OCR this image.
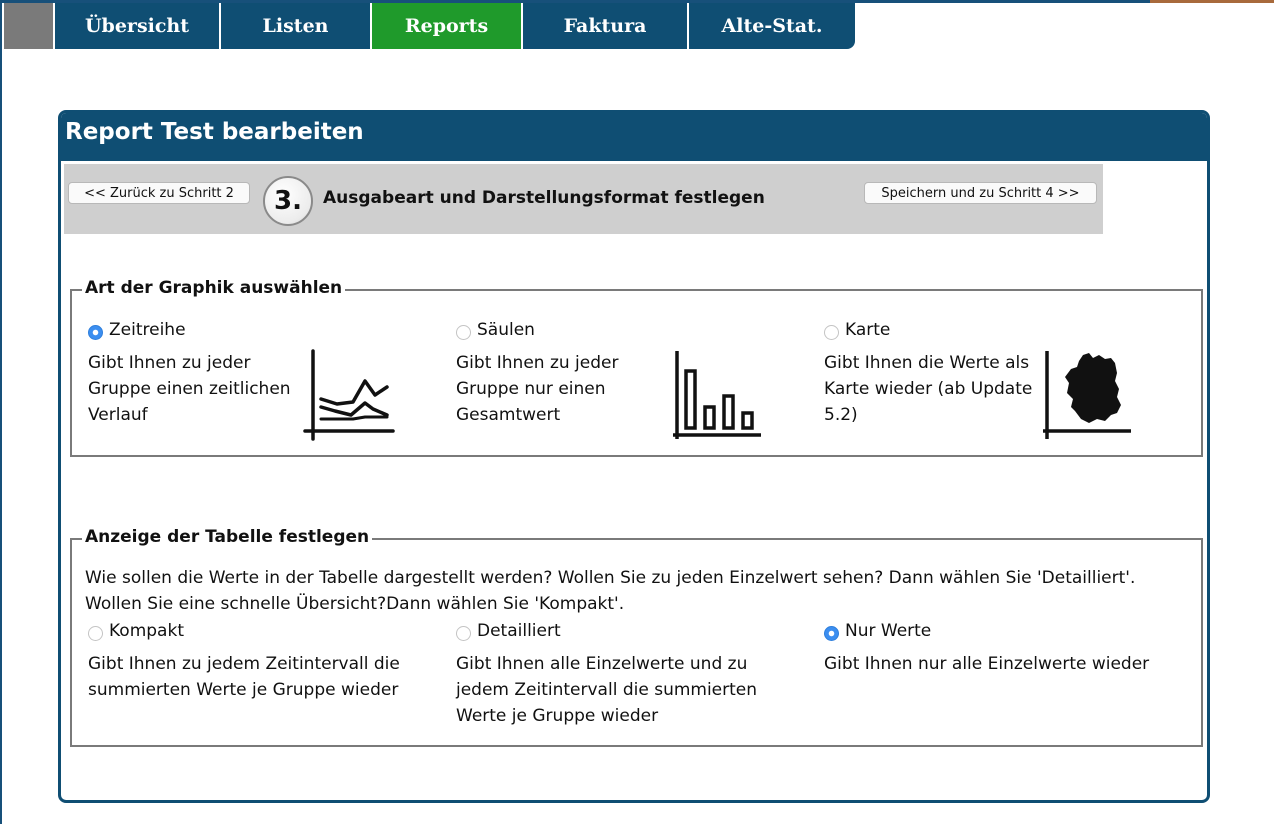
Übersicht	Listen	Reports	Faktura	Alte-Stat.
Report Test bearbeiten
<< Zurück zu Schritt 2	3.	Ausgabeart und Darstellungsformat festlegen	Speichern und zu Schritt 4 >>
Art der Graphik auswählen
Zeitreihe
Gibt Ihnen zu jeder Gruppe einen zeitlichen Verlauf
Säulen
Gibt Ihnen zu jeder Gruppe nur einen Gesamtwert
Karte
Gibt Ihnen die Werte als Karte wieder (ab Update 5.2)
Anzeige der Tabelle festlegen
Wie sollen die Werte in der Tabelle dargestellt werden? Wollen Sie zu jeden Einzelwert sehen? Dann wählen Sie 'Detailliert'. Wollen Sie eine schnelle Übersicht?Dann wählen Sie 'Kompakt'.
Kompakt
Gibt Ihnen zu jedem Zeitintervall die summierten Werte je Gruppe wieder
Detailliert
Gibt Ihnen alle Einzelwerte und zu jedem Zeitintervall die summierten Werte je Gruppe wieder
Nur Werte
Gibt Ihnen nur alle Einzelwerte wieder
